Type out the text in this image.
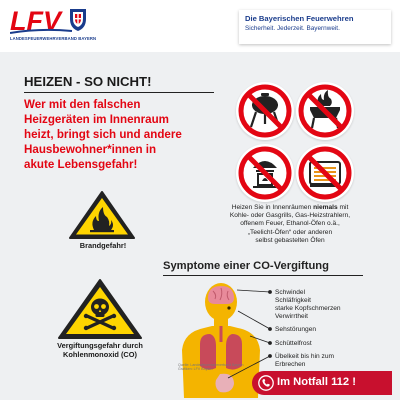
LFV
LANDESFEUERWEHRVERBAND BAYERN
Die Bayerischen Feuerwehren
Sicherheit. Jederzeit. Bayernweit.
HEIZEN - SO NICHT!
Wer mit den falschen
Heizgeräten im Innenraum
heizt, bringt sich und andere
Hausbewohner*innen in
akute Lebensgefahr!
Heizen Sie in Innenräumen niemals mit
Kohle- oder Gasgrills, Gas-Heizstrahlern,
offenem Feuer, Ethanol-Öfen o.ä.,
„Teelicht-Öfen“ oder anderen
selbst gebastelten Öfen
Brandgefahr!
Vergiftungsgefahr durch
Kohlenmonoxid (CO)
Symptome einer CO-Vergiftung
Schwindel
Schläfrigkeit
starke Kopfschmerzen
Verwirrtheit
Sehstörungen
Schüttelfrost
Übelkeit bis hin zum
Erbrechen
Quelle: Landesfeuerwehrverband Bayern
Grafiken: LFV Bayern
Im Notfall 112 !
